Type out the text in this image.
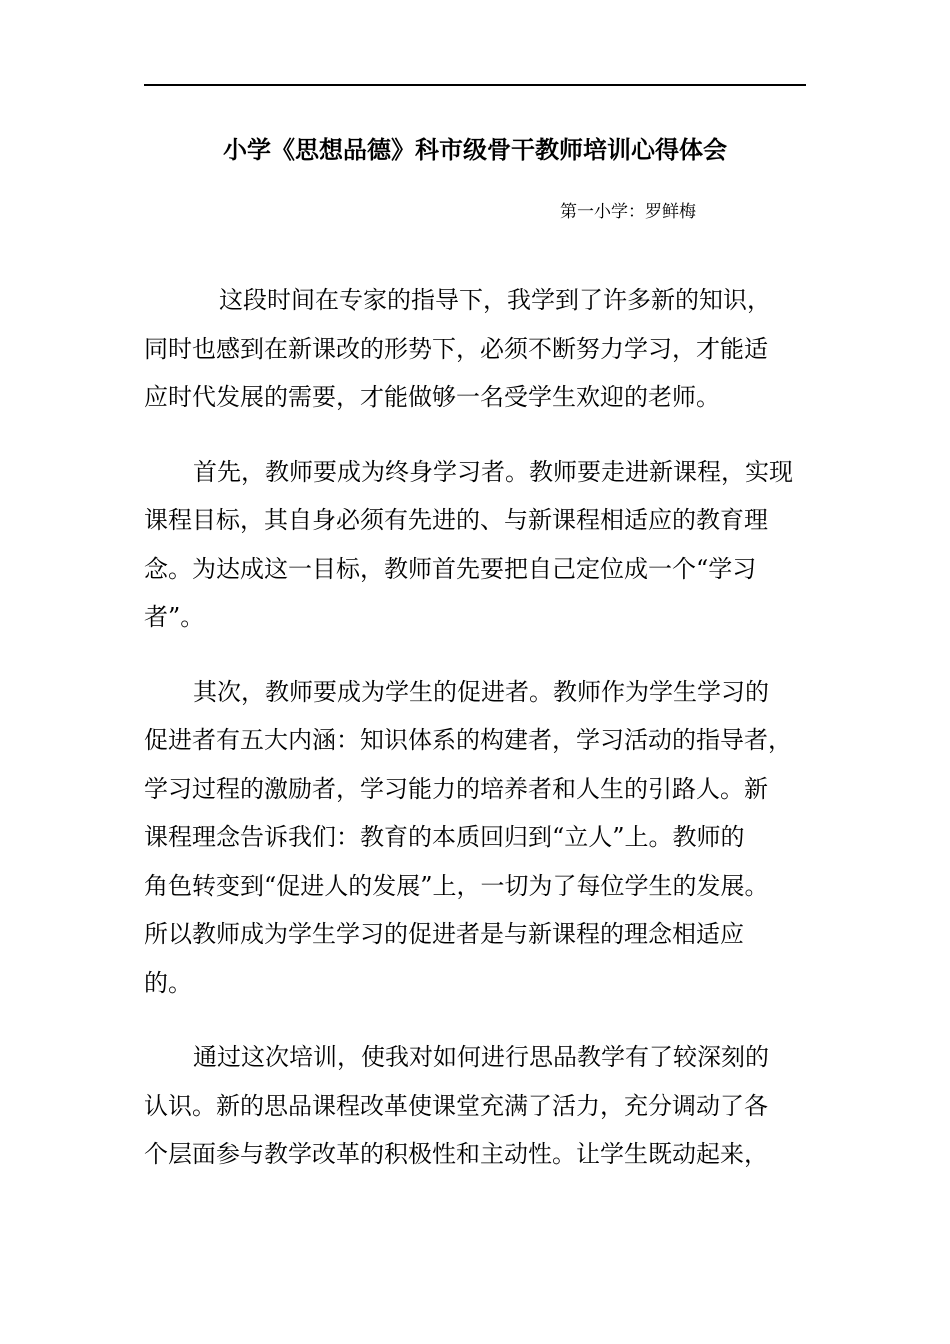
小学《思想品德》科市级骨干教师培训心得体会
第一小学：罗鲜梅

这段时间在专家的指导下，我学到了许多新的知识，
同时也感到在新课改的形势下，必须不断努力学习，才能适
应时代发展的需要，才能做够一名受学生欢迎的老师。

首先，教师要成为终身学习者。教师要走进新课程，实现
课程目标，其自身必须有先进的、与新课程相适应的教育理
念。为达成这一目标，教师首先要把自己定位成一个“学习
者”。

其次，教师要成为学生的促进者。教师作为学生学习的
促进者有五大内涵：知识体系的构建者，学习活动的指导者，
学习过程的激励者，学习能力的培养者和人生的引路人。新
课程理念告诉我们：教育的本质回归到“立人”上。教师的
角色转变到“促进人的发展”上，一切为了每位学生的发展。
所以教师成为学生学习的促进者是与新课程的理念相适应
的。

通过这次培训，使我对如何进行思品教学有了较深刻的
认识。新的思品课程改革使课堂充满了活力，充分调动了各
个层面参与教学改革的积极性和主动性。让学生既动起来，
